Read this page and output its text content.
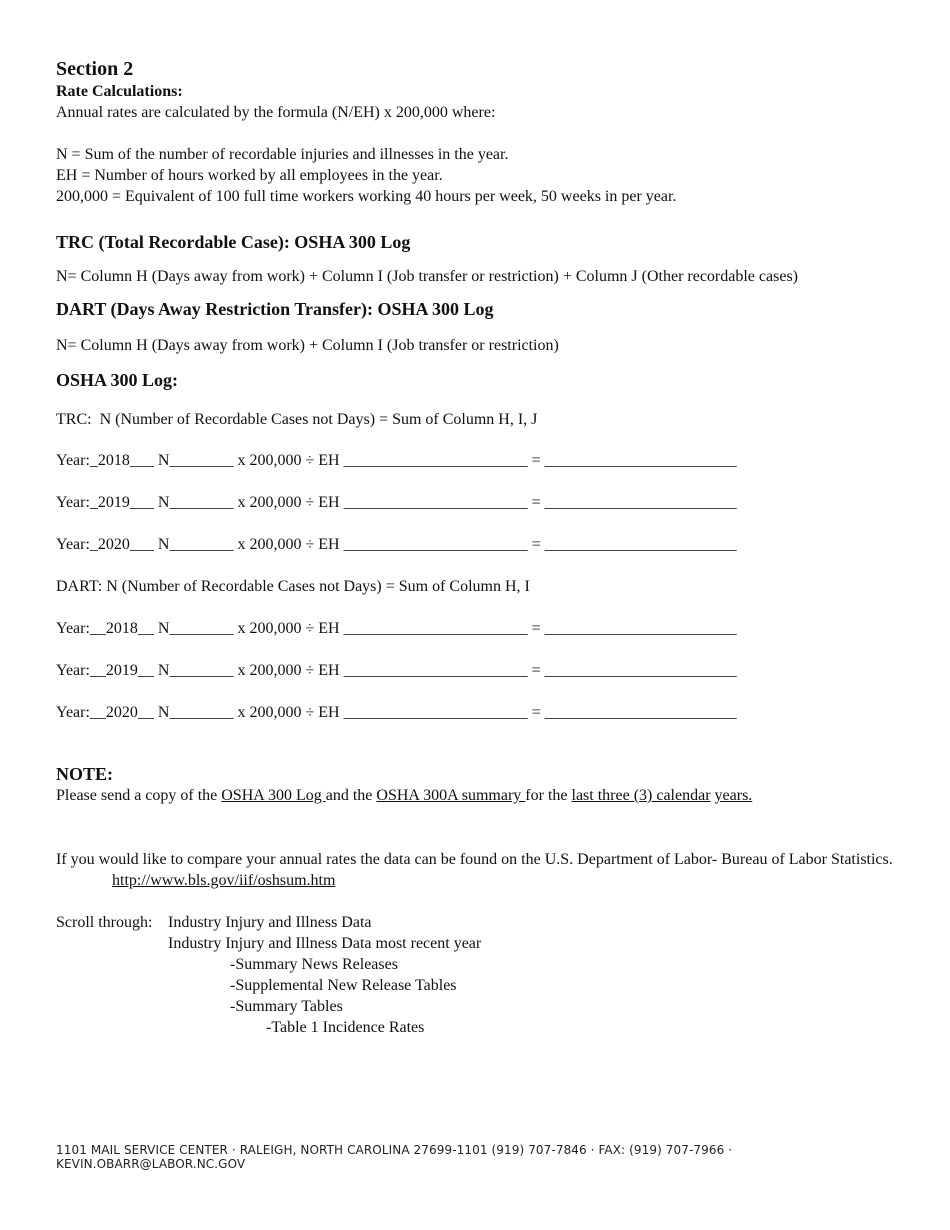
Section 2
Rate Calculations:
Annual rates are calculated by the formula (N/EH) x 200,000 where:
N = Sum of the number of recordable injuries and illnesses in the year.
EH = Number of hours worked by all employees in the year.
200,000 = Equivalent of 100 full time workers working 40 hours per week, 50 weeks in per year.
TRC (Total Recordable Case): OSHA 300 Log
N= Column H (Days away from work) + Column I (Job transfer or restriction) + Column J (Other recordable cases)
DART (Days Away Restriction Transfer): OSHA 300 Log
N= Column H (Days away from work) + Column I (Job transfer or restriction)
OSHA 300 Log:
TRC:  N (Number of Recordable Cases not Days) = Sum of Column H, I, J
Year:_2018___ N________ x 200,000 ÷ EH _______________________ = ________________________
Year:_2019___ N________ x 200,000 ÷ EH _______________________ = ________________________
Year:_2020___ N________ x 200,000 ÷ EH _______________________ = ________________________
DART: N (Number of Recordable Cases not Days) = Sum of Column H, I
Year:__2018__ N________ x 200,000 ÷ EH _______________________ = ________________________
Year:__2019__ N________ x 200,000 ÷ EH _______________________ = ________________________
Year:__2020__ N________ x 200,000 ÷ EH _______________________ = ________________________
NOTE:
Please send a copy of the OSHA 300 Log and the OSHA 300A summary for the last three (3) calendar years.
If you would like to compare your annual rates the data can be found on the U.S. Department of Labor- Bureau of Labor Statistics.
http://www.bls.gov/iif/oshsum.htm
Scroll through: Industry Injury and Illness Data
Industry Injury and Illness Data most recent year
-Summary News Releases
-Supplemental New Release Tables
-Summary Tables
-Table 1 Incidence Rates
1101 MAIL SERVICE CENTER · RALEIGH, NORTH CAROLINA 27699-1101 (919) 707-7846 · FAX: (919) 707-7966 · KEVIN.OBARR@LABOR.NC.GOV
